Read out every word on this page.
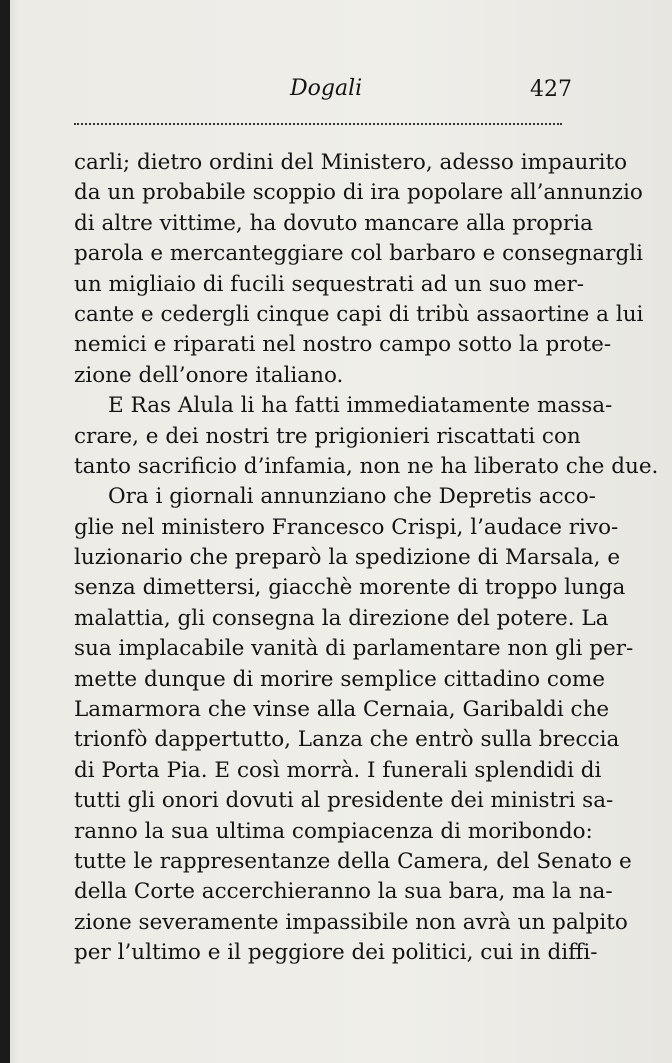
Dogali	427
carli; dietro ordini del Ministero, adesso impaurito
da un probabile scoppio di ira popolare all’annunzio
di altre vittime, ha dovuto mancare alla propria
parola e mercanteggiare col barbaro e consegnargli
un migliaio di fucili sequestrati ad un suo mer-
cante e cedergli cinque capi di tribù assaortine a lui
nemici e riparati nel nostro campo sotto la prote-
zione dell’onore italiano.
E Ras Alula li ha fatti immediatamente massa-
crare, e dei nostri tre prigionieri riscattati con
tanto sacrificio d’infamia, non ne ha liberato che due.
Ora i giornali annunziano che Depretis acco-
glie nel ministero Francesco Crispi, l’audace rivo-
luzionario che preparò la spedizione di Marsala, e
senza dimettersi, giacchè morente di troppo lunga
malattia, gli consegna la direzione del potere. La
sua implacabile vanità di parlamentare non gli per-
mette dunque di morire semplice cittadino come
Lamarmora che vinse alla Cernaia, Garibaldi che
trionfò dappertutto, Lanza che entrò sulla breccia
di Porta Pia. E così morrà. I funerali splendidi di
tutti gli onori dovuti al presidente dei ministri sa-
ranno la sua ultima compiacenza di moribondo:
tutte le rappresentanze della Camera, del Senato e
della Corte accerchieranno la sua bara, ma la na-
zione severamente impassibile non avrà un palpito
per l’ultimo e il peggiore dei politici, cui in diffi-
